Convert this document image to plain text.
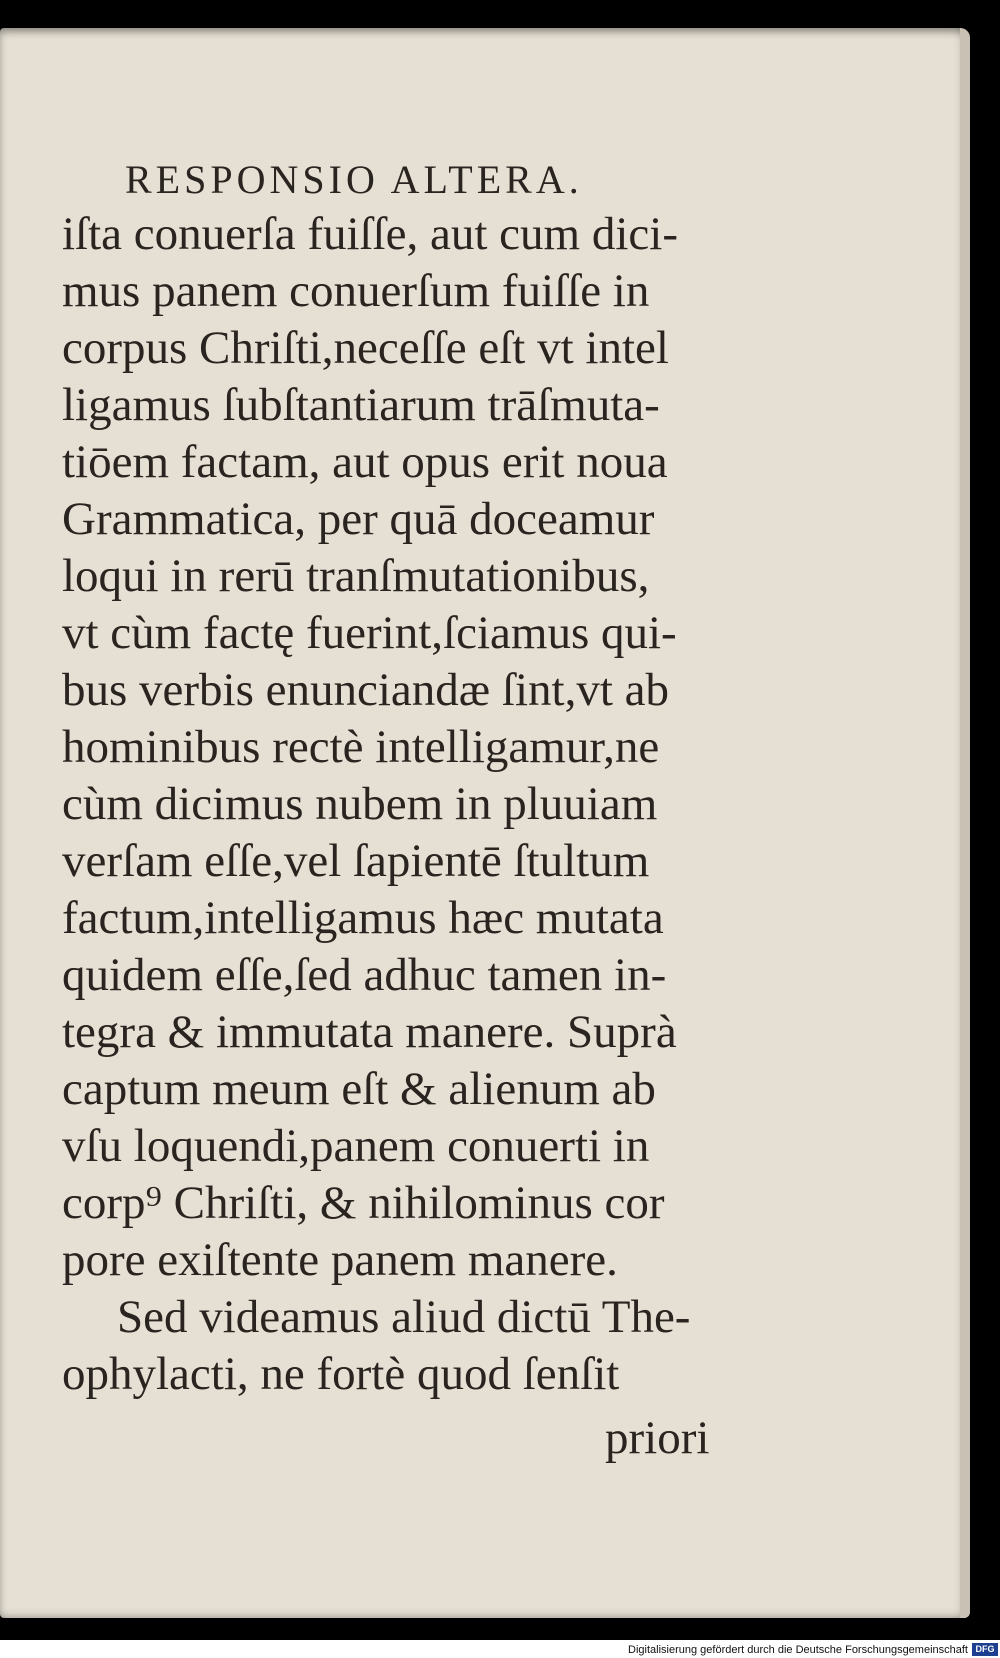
RESPONSIO ALTERA.
iſta conuerſa fuiſſe, aut cum dici-
mus panem conuerſum fuiſſe in
corpus Chriſti,neceſſe eſt vt intel
ligamus ſubſtantiarum trāſmuta-
tiōem factam, aut opus erit noua
Grammatica, per quā doceamur
loqui in rerū tranſmutationibus,
vt cùm factę fuerint,ſciamus qui-
bus verbis enunciandæ ſint,vt ab
hominibus rectè intelligamur,ne
cùm dicimus nubem in pluuiam
verſam eſſe,vel ſapientē ſtultum
factum,intelligamus hæc mutata
quidem eſſe,ſed adhuc tamen in-
tegra & immutata manere. Suprà
captum meum eſt & alienum ab
vſu loquendi,panem conuerti in
corp⁹ Chriſti, & nihilominus cor
pore exiſtente panem manere.
Sed videamus aliud dictū The-
ophylacti, ne fortè quod ſenſit
priori
Digitalisierung gefördert durch die Deutsche Forschungsgemeinschaft DFG
